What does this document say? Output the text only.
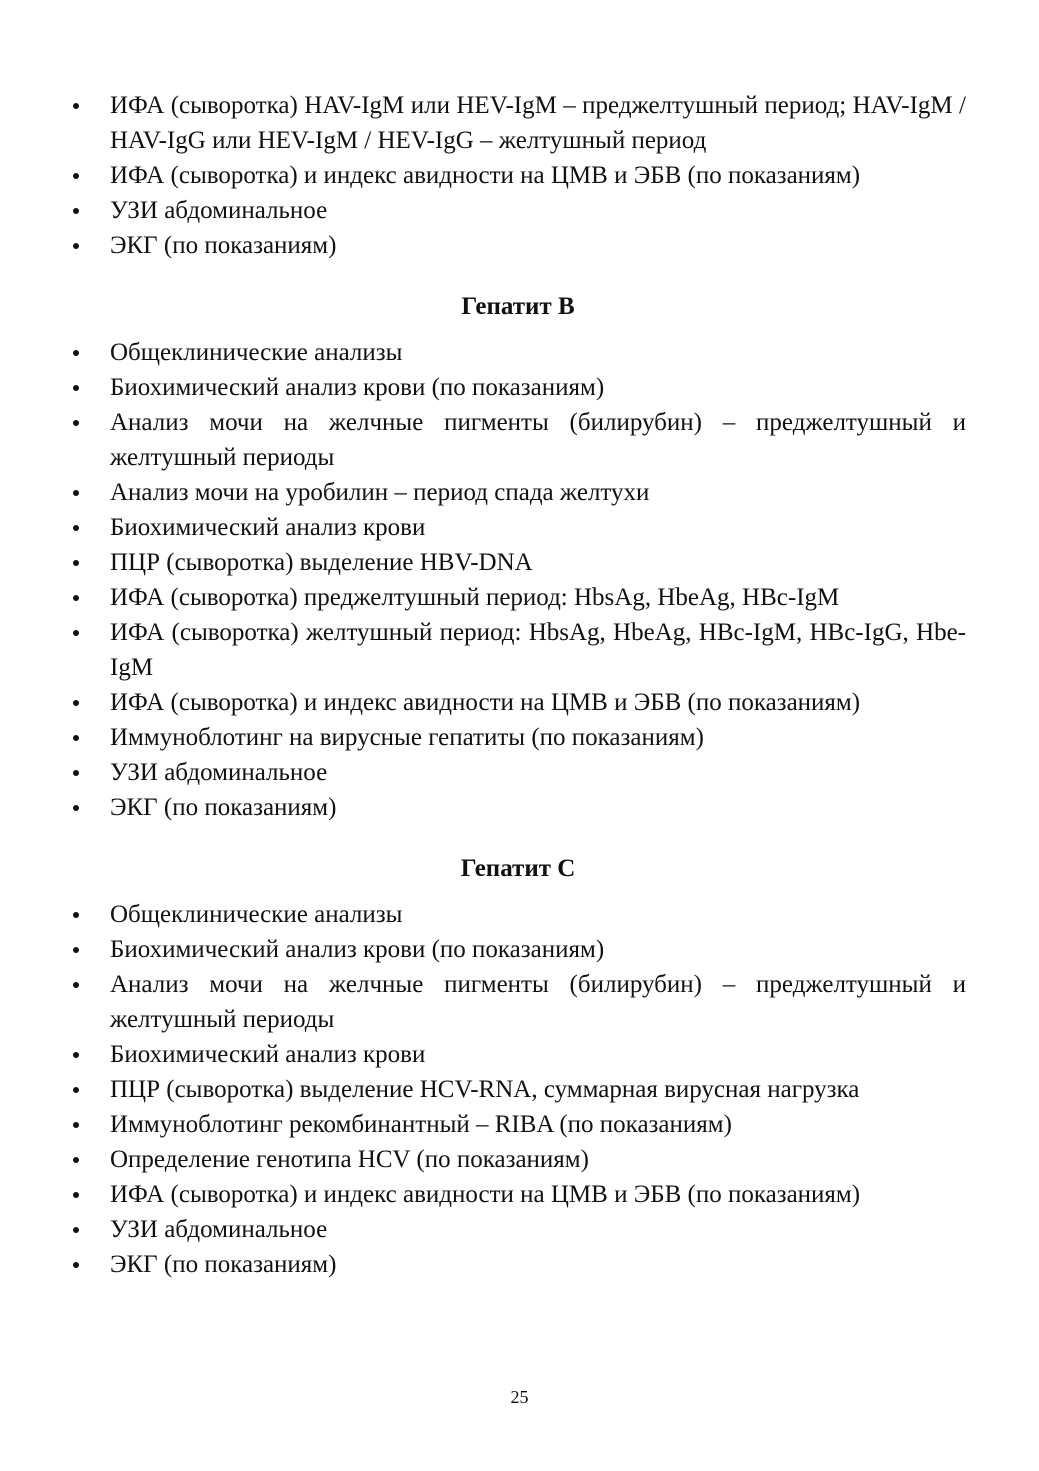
ИФА (сыворотка) HAV-IgM или HEV-IgM – преджелтушный период; HAV-IgM / HAV-IgG или HEV-IgM / HEV-IgG – желтушный период
ИФА (сыворотка) и индекс авидности на ЦМВ и ЭБВ (по показаниям)
УЗИ абдоминальное
ЭКГ (по показаниям)
Гепатит В
Общеклинические анализы
Биохимический анализ крови (по показаниям)
Анализ мочи на желчные пигменты (билирубин) – преджелтушный и желтушный периоды
Анализ мочи на уробилин – период спада желтухи
Биохимический анализ крови
ПЦР (сыворотка) выделение HBV-DNA
ИФА (сыворотка) преджелтушный период: HbsAg, HbeAg, HBc-IgM
ИФА (сыворотка) желтушный период: HbsAg, HbeAg, HBc-IgM, HBc-IgG, Hbe-IgM
ИФА (сыворотка) и индекс авидности на ЦМВ и ЭБВ (по показаниям)
Иммуноблотинг на вирусные гепатиты (по показаниям)
УЗИ абдоминальное
ЭКГ (по показаниям)
Гепатит С
Общеклинические анализы
Биохимический анализ крови (по показаниям)
Анализ мочи на желчные пигменты (билирубин) – преджелтушный и желтушный периоды
Биохимический анализ крови
ПЦР (сыворотка) выделение HCV-RNA, суммарная вирусная нагрузка
Иммуноблотинг рекомбинантный – RIBA (по показаниям)
Определение генотипа HCV (по показаниям)
ИФА (сыворотка) и индекс авидности на ЦМВ и ЭБВ (по показаниям)
УЗИ абдоминальное
ЭКГ (по показаниям)
25
